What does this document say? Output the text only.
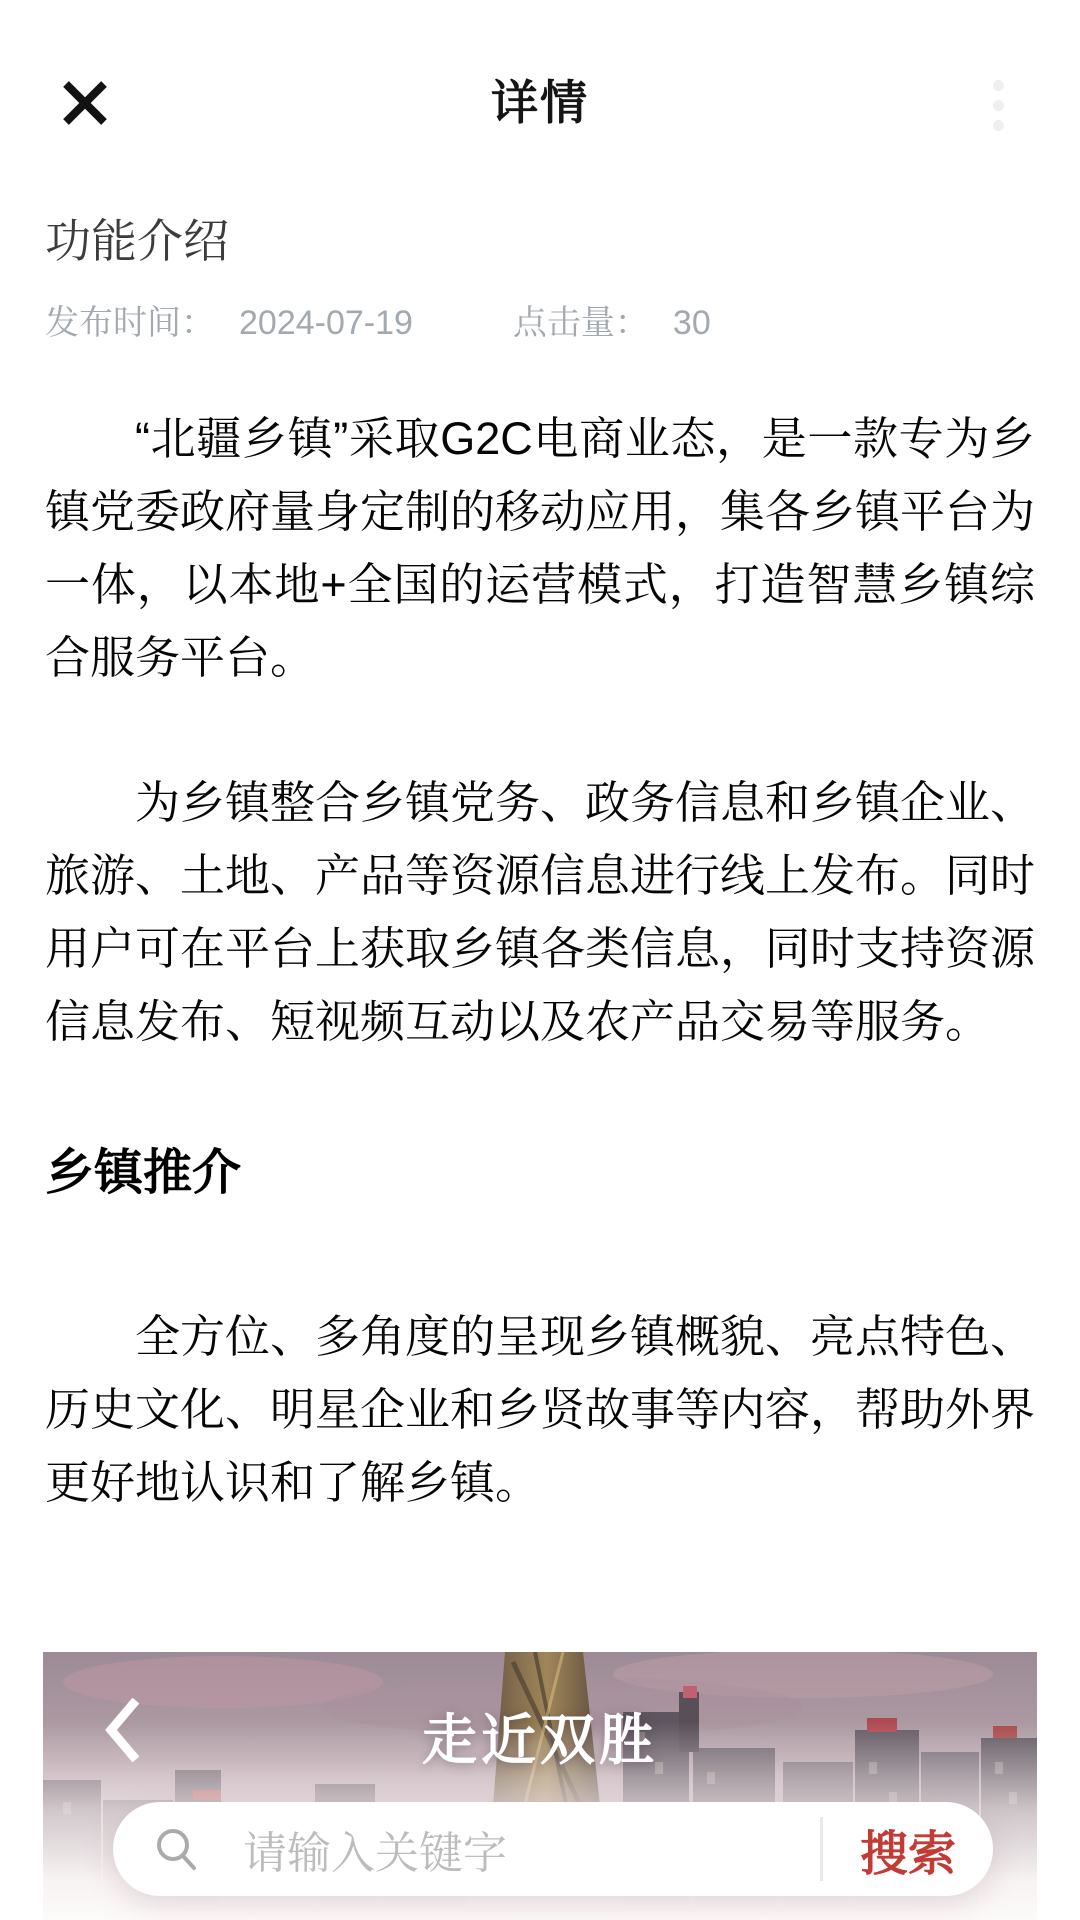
详情
功能介绍
发布时间： 2024-07-19	点击量： 30

“北疆乡镇”采取G2C电商业态，是一款专为乡镇党委政府量身定制的移动应用，集各乡镇平台为一体，以本地+全国的运营模式，打造智慧乡镇综合服务平台。

为乡镇整合乡镇党务、政务信息和乡镇企业、旅游、土地、产品等资源信息进行线上发布。同时用户可在平台上获取乡镇各类信息，同时支持资源信息发布、短视频互动以及农产品交易等服务。

乡镇推介

全方位、多角度的呈现乡镇概貌、亮点特色、历史文化、明星企业和乡贤故事等内容，帮助外界更好地认识和了解乡镇。

走近双胜
请输入关键字	搜索
